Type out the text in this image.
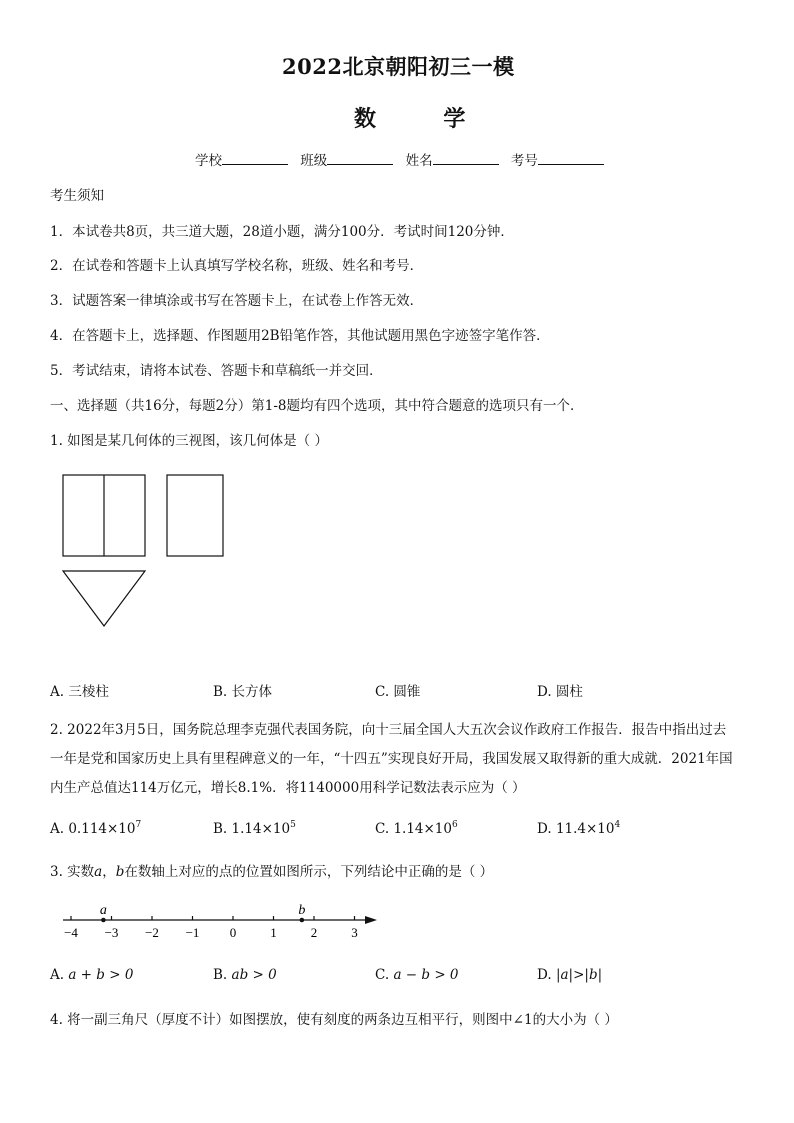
2022北京朝阳初三一模
数	学
学校	班级	姓名	考号
考生须知
1．本试卷共8页，共三道大题，28道小题，满分100分．考试时间120分钟．
2．在试卷和答题卡上认真填写学校名称，班级、姓名和考号．
3．试题答案一律填涂或书写在答题卡上，在试卷上作答无效．
4．在答题卡上，选择题、作图题用2B铅笔作答，其他试题用黑色字迹签字笔作答．
5．考试结束，请将本试卷、答题卡和草稿纸一并交回．
一、选择题（共16分，每题2分）第1-8题均有四个选项，其中符合题意的选项只有一个．
1. 如图是某几何体的三视图，该几何体是（ ）
A. 三棱柱	B. 长方体	C. 圆锥	D. 圆柱
2. 2022年3月5日，国务院总理李克强代表国务院，向十三届全国人大五次会议作政府工作报告．报告中指出过去
一年是党和国家历史上具有里程碑意义的一年，“十四五”实现良好开局，我国发展又取得新的重大成就．2021年国
内生产总值达114万亿元，增长8.1%．将1140000用科学记数法表示应为（ ）
A. $0.114\times 10^7$	B. $1.14\times 10^5$	C. $1.14\times 10^6$	D. $11.4\times 10^4$
3. 实数a，b在数轴上对应的点的位置如图所示，下列结论中正确的是（ ）
−4 −3 −2 −1 0	1	2	3
a	b
A. a + b > 0	B. ab > 0	C. a − b > 0	D. |a|>|b|
4. 将一副三角尺（厚度不计）如图摆放，使有刻度的两条边互相平行，则图中∠1的大小为（ ）
